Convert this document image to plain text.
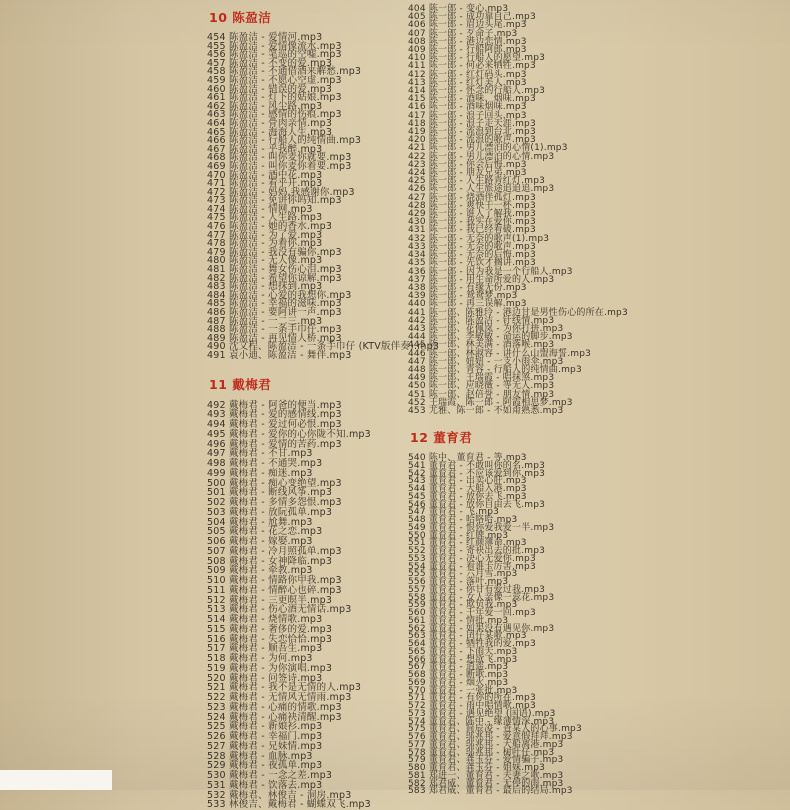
10 陈盈洁
454 陈盈洁 - 爱情河.mp3
455 陈盈洁 - 爱情像流水.mp3
456 陈盈洁 - 笔巡的空嘘.mp3
457 陈盈洁 - 不变的爱.mp3
458 陈盈洁 - 不通借酒来解愁.mp3
459 陈盈洁 - 不愿心空虚.mp3
460 陈盈洁 - 错误的爱.mp3
461 陈盈洁 - 灯下的姑娘.mp3
462 陈盈洁 - 风尘路.mp3
463 陈盈洁 - 感情的伤痕.mp3
464 陈盈洁 - 骨肉亲情.mp3
465 陈盈洁 - 海海人生.mp3
466 陈盈洁 - 行船人的纯情曲.mp3
467 陈盈洁 - 乎我醉.mp3
468 陈盈洁 - 叫你麦你就要.mp3
469 陈盈洁 - 叫你麦你着要.mp3
470 陈盈洁 - 酒中花.mp3
471 陈盈洁 - 看乎开.mp3
472 陈盈洁 - 妈妈,我感谢你.mp3
473 陈盈洁 - 免讲你吗知.mp3
474 陈盈洁 - 情网.mp3
475 陈盈洁 - 人生路.mp3
476 陈盈洁 - 她的香水.mp3
477 陈盈洁 - 为了爱.mp3
478 陈盈洁 - 为着你.mp3
479 陈盈洁 - 我没有骗你.mp3
480 陈盈洁 - 无人像.mp3
481 陈盈洁 - 舞女伤心泪.mp3
482 陈盈洁 - 希望你谅解.mp3
483 陈盈洁 - 想抹到.mp3
484 陈盈洁 - 心爱的我想你.mp3
485 陈盈洁 - 幸福的滋味.mp3
486 陈盈洁 - 要阿讲一声.mp3
487 陈盈洁 - 一二三.mp3
488 陈盈洁 - 一条手巾仔.mp3
489 陈盈洁 - 再见情人桥.mp3
490 沈文程、陈盈洁 - 一条手巾仔 (KTV版伴奏).mp3
491 袁小迪、陈盈洁 - 舞伴.mp3
11 戴梅君
492 戴梅君 - 阿爸的便当.mp3
493 戴梅君 - 爱的感情线.mp3
494 戴梅君 - 爱过何必恨.mp3
495 戴梅君 - 爱你的心你陇不知.mp3
496 戴梅君 - 爱情的苦药.mp3
497 戴梅君 - 不甘.mp3
498 戴梅君 - 不通哭.mp3
499 戴梅君 - 痴迷.mp3
500 戴梅君 - 痴心变绝望.mp3
501 戴梅君 - 断线风筝.mp3
502 戴梅君 - 多情多怨恨.mp3
503 戴梅君 - 放阮孤单.mp3
504 戴梅君 - 尬舞.mp3
505 戴梅君 - 花之恋.mp3
506 戴梅君 - 嫁娶.mp3
507 戴梅君 - 冷月照孤单.mp3
508 戴梅君 - 女神降临.mp3
509 戴梅君 - 牵教.mp3
510 戴梅君 - 情路你甲我.mp3
511 戴梅君 - 情醉心也碎.mp3
512 戴梅君 - 三更暝半.mp3
513 戴梅君 - 伤心酒无情话.mp3
514 戴梅君 - 烧情歌.mp3
515 戴梅君 - 奢侈的爱.mp3
516 戴梅君 - 失恋恰恰.mp3
517 戴梅君 - 顺吾生.mp3
518 戴梅君 - 为何.mp3
519 戴梅君 - 为你演唱.mp3
520 戴梅君 - 问签诗.mp3
521 戴梅君 - 我不是无情的人.mp3
522 戴梅君 - 无情风无情雨.mp3
523 戴梅君 - 心痛的情歌.mp3
524 戴梅君 - 心痛袂清醒.mp3
525 戴梅君 - 新娘衫.mp3
526 戴梅君 - 幸福门.mp3
527 戴梅君 - 兄妹情.mp3
528 戴梅君 - 血脉.mp3
529 戴梅君 - 夜孤单.mp3
530 戴梅君 - 一念之差.mp3
531 戴梅君 - 饮落去.mp3
532 戴梅君、林俊吉 - 洞房.mp3
533 林俊吉、戴梅君 - 蝴蝶双飞.mp3

404 陈一郎 - 变心.mp3
405 陈一郎 - 成功靠自己.mp3
406 陈一郎 - 眉边头尾.mp3
407 陈一郎 - 歹命子.mp3
408 陈一郎 - 港边恋情.mp3
409 陈一郎 - 行船阿郎.mp3
410 陈一郎 - 行船人的愿望.mp3
411 陈一郎 - 何必来牺牲.mp3
412 陈一郎 - 红灯码头.mp3
413 陈一郎 - 红灯美人.mp3
414 陈一郎 - 怀念的行船人.mp3
415 陈一郎 - 酒味、烟味.mp3
416 陈一郎 - 酒味烟味.mp3
417 陈一郎 - 浪子回头.mp3
418 陈一郎 - 浪子走天涯.mp3
419 陈一郎 - 流浪到台北.mp3
420 陈一郎 - 流浪的歌声.mp3
421 陈一郎 - 男儿漂泊的心情(1).mp3
422 陈一郎 - 男儿漂泊的心情.mp3
423 陈一郎 - 你会后悔.mp3
424 陈一郎 - 朋友兄弟.mp3
425 陈一郎 - 人生路青红灯.mp3
426 陈一郎 - 人生旅途追追追.mp3
427 陈一郎 - 烧酒伴孤灯.mp3
428 陈一郎 - 爽快干一杯.mp3
429 陈一郎 - 谁人了解我.mp3
430 陈一郎 - 我实在爱你.mp3
431 陈一郎 - 我已经看破.mp3
432 陈一郎 - 无奈的歌声(1).mp3
433 陈一郎 - 无奈的歌声.mp3
434 陈一郎 - 无奈的后悔.mp3
435 陈一郎 - 先饮才搁讲.mp3
436 陈一郎 - 因为我是一个行船人.mp3
437 陈一郎 - 用生命所爱的人.mp3
438 陈一郎 - 有缘无份.mp3
439 陈一郎 - 鸳鸯梦.mp3
440 陈一郎 - 再三误解.mp3
441 陈一郎、陈雅玲 - 港边甘是男性伤心的所在.mp3
442 陈一郎、陈盈洁 - 针线情.mp3
443 陈一郎、花佩岚 - 为你打拼.mp3
444 陈一郎、李敏敏 - 命运的脚步.mp3
445 陈一郎、林美满 - 酒落喉.mp3
446 陈一郎、林淑容 - 讲什么山盟海誓.mp3
447 陈一郎、妞妞 - 一支小雨伞.mp3
448 陈一郎、青容 - 行船人的纯情曲.mp3
449 陈一郎、王瑞霞 - 唱抹煞.mp3
450 陈一郎、应晓薇 - 等无人.mp3
451 陈一郎、赵倍誉 - 朋友情.mp3
452 王瑞霞、陈一郎 - 阿霞相思梦.mp3
453 尤雅、陈一郎 - 不如甭熟悉.mp3
12 董育君
540 陈中、董育君 - 等.mp3
541 董育君 - 不敢叫你的名.mp3
542 董育君 - 不应该爱到你.mp3
543 董育君 - 出卖心肝.mp3
544 董育君 - 大船入港.mp3
545 董育君 - 放你去飞.mp3
546 董育君 - 放你自由去飞.mp3
547 董育君 - 飞.mp3
548 董育君 - 哈咯哈.mp3
549 董育君 - 恨你爱我爱一半.mp3
550 董育君 - 红牌.mp3
551 董育君 - 红颜薄命.mp3
552 董育君 - 寄袂出去的批.mp3
553 董育君 - 决心无爱你.mp3
554 董育君 - 看谁卡厉害.mp3
555 董育君 - 六月雪.mp3
556 董育君 - 落叶.mp3
557 董育君 - 你甘有爱过我.mp3
558 董育君 - 女人亲像一蕊花.mp3
559 董育君 - 欺负我.mp3
560 董育君 - 千年爱一回.mp3
561 董育君 - 情批.mp3
562 董育君 - 如果没有遇见你.mp3
563 董育君 - 囝仔某歌.mp3
564 董育君 - 牺牲我的爱.mp3
565 董育君 - 下雨天.mp3
566 董育君 - 想欲飞.mp3
567 董育君 - 逍遥.mp3
568 董育君 - 断歌.mp3
569 董育君 - 烟火.mp3
570 董育君 - 一张批.mp3
571 董育君 - 有你的所在.mp3
572 董育君 - 雨中唱情歌.mp3
573 董育君 - 遇见绝望 (国语).mp3
574 董育君、陈中 - 缘薄情深.mp3
575 董育君、简辰凌 - 查某人的心事.mp3
576 董育君、邬兆邦 - 爱意假拜拜.mp3
577 董育君、邬兆邦 - 大船离港.mp3
578 董育君、邬兆邦 - 树叶仔.mp3
579 董育君、龚玉芬 - 爱情骗子.mp3
580 董育君、龚玉芬 - 姐妹.mp3
581 郑进一、董育君 - 夫妻之歌.mp3
582 郑君威、董育君 - 无停的雨.mp3
583 郑君威、董育君 - 最后的结局.mp3
